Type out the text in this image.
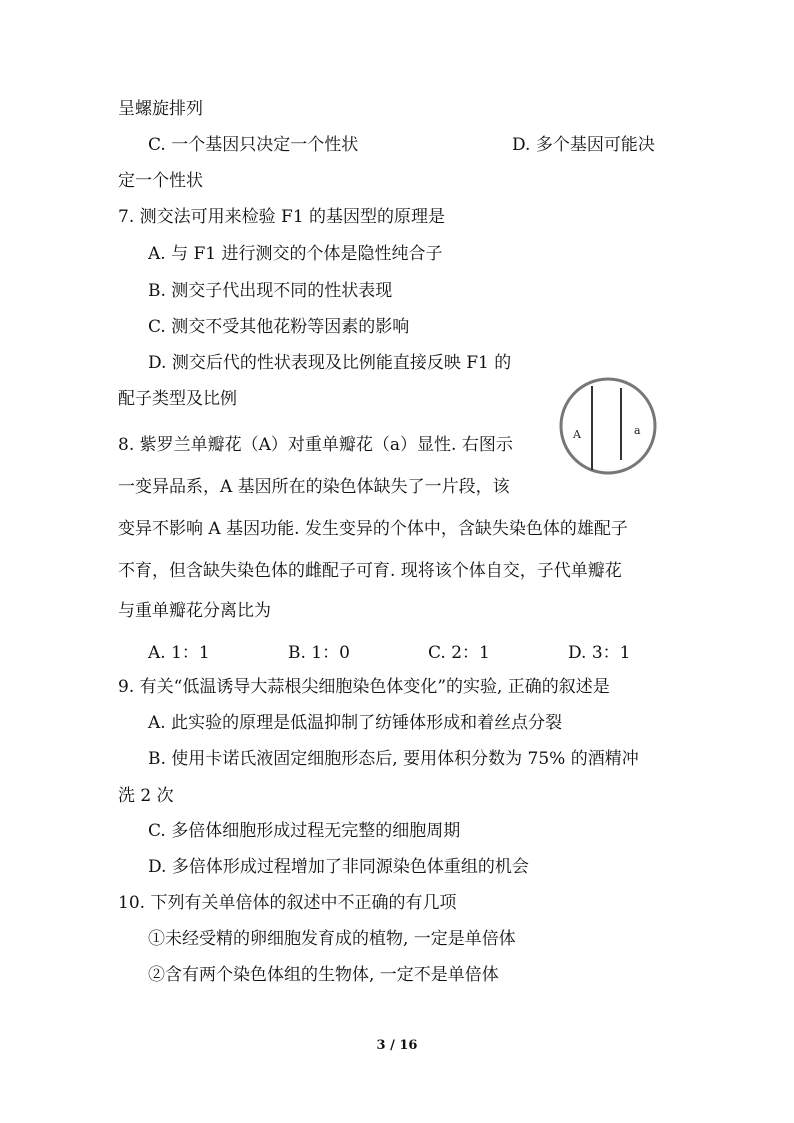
呈螺旋排列
C. 一个基因只决定一个性状	D. 多个基因可能决
定一个性状
7. 测交法可用来检验 F1 的基因型的原理是
A. 与 F1 进行测交的个体是隐性纯合子
B. 测交子代出现不同的性状表现
C. 测交不受其他花粉等因素的影响
D. 测交后代的性状表现及比例能直接反映 F1 的
配子类型及比例
8. 紫罗兰单瓣花（A）对重单瓣花（a）显性. 右图示
一变异品系，A 基因所在的染色体缺失了一片段，该
变异不影响 A 基因功能. 发生变异的个体中，含缺失染色体的雄配子
不育，但含缺失染色体的雌配子可育. 现将该个体自交，子代单瓣花
与重单瓣花分离比为
A. 1：1	B. 1：0	C. 2：1	D. 3：1
9. 有关“低温诱导大蒜根尖细胞染色体变化”的实验, 正确的叙述是
A. 此实验的原理是低温抑制了纺锤体形成和着丝点分裂
B. 使用卡诺氏液固定细胞形态后, 要用体积分数为 75% 的酒精冲
洗 2 次
C. 多倍体细胞形成过程无完整的细胞周期
D. 多倍体形成过程增加了非同源染色体重组的机会
10. 下列有关单倍体的叙述中不正确的有几项
①未经受精的卵细胞发育成的植物, 一定是单倍体
②含有两个染色体组的生物体, 一定不是单倍体
A	a
3 / 16
